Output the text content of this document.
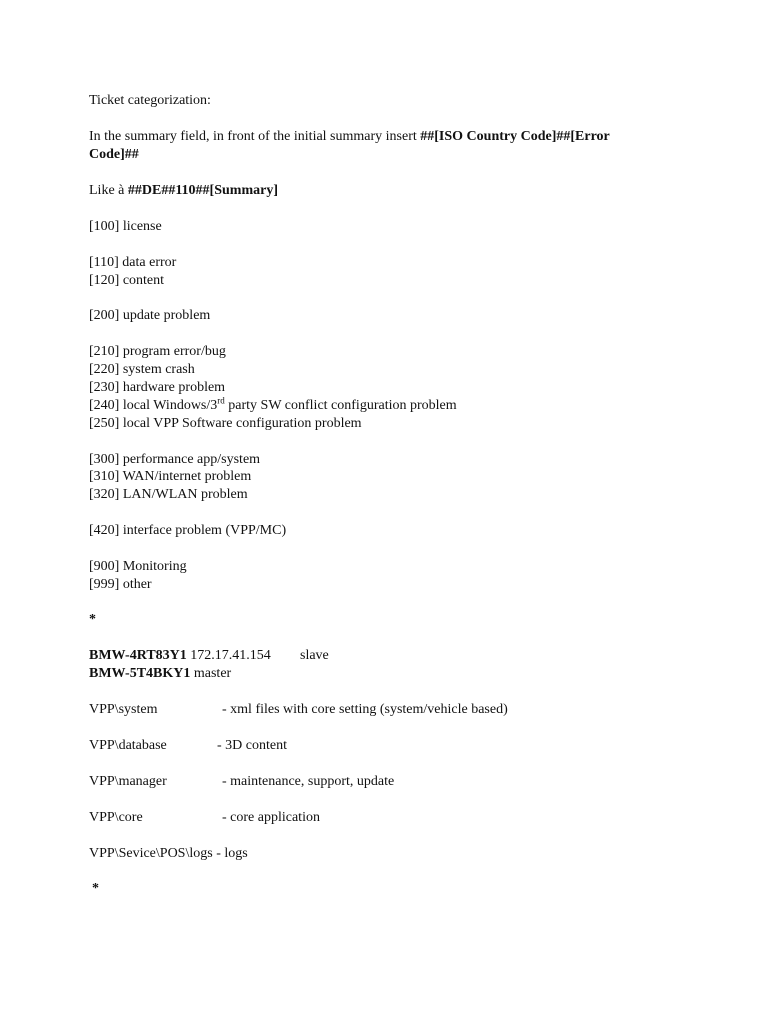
Ticket categorization:
In the summary field, in front of the initial summary insert ##[ISO Country Code]##[Error
Code]##
Like à ##DE##110##[Summary]
[100] license
[110] data error
[120] content
[200] update problem
[210] program error/bug
[220] system crash
[230] hardware problem
[240] local Windows/3rd party SW conflict configuration problem
[250] local VPP Software configuration problem
[300] performance app/system
[310] WAN/internet problem
[320] LAN/WLAN problem
[420] interface problem (VPP/MC)
[900] Monitoring
[999] other
*
BMW-4RT83Y1 172.17.41.154 slave
BMW-5T4BKY1 master
VPP\system	- xml files with core setting (system/vehicle based)
VPP\database	- 3D content
VPP\manager	- maintenance, support, update
VPP\core	- core application
VPP\Sevice\POS\logs - logs
*
